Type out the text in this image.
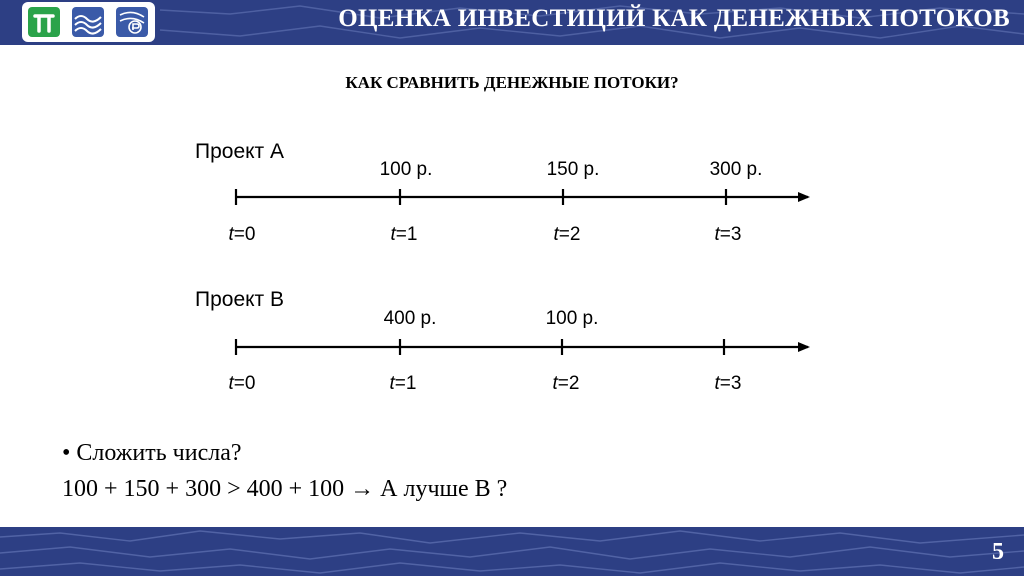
ОЦЕНКА ИНВЕСТИЦИЙ КАК ДЕНЕЖНЫХ ПОТОКОВ
КАК СРАВНИТЬ ДЕНЕЖНЫЕ ПОТОКИ?
Проект А
100 р.	150 р.	300 р.
t=0	t=1	t=2	t=3
Проект В
400 р.	100 р.
t=0	t=1	t=2	t=3
• Сложить числа?
100 + 150 + 300 > 400 + 100 → А лучше В ?
5
